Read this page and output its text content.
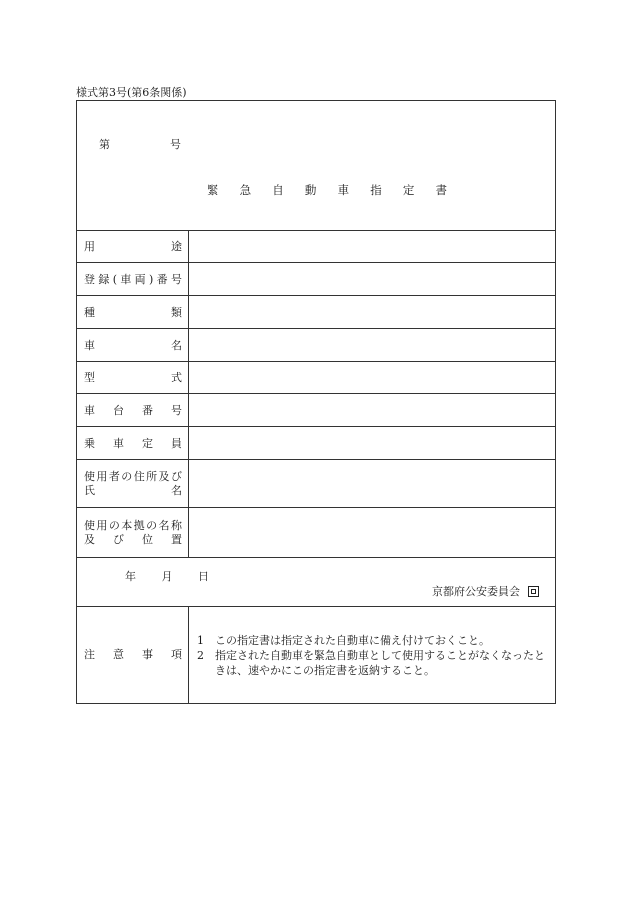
様式第3号(第6条関係)
第	号
緊 急 自 動 車 指 定 書
用	途
登 録 ( 車 両 ) 番 号
種	類
車	名
型	式
車 台 番 号
乗 車 定 員
使 用 者 の 住 所 及 び
氏	名
使 用 の 本 拠 の 名 称
及 び 位 置
年 月 日
京都府公安委員会
注 意 事 項
1	この指定書は指定された自動車に備え付けておくこと。
2	指定された自動車を緊急自動車として使用することがなくなったときは、速やかにこの指定書を返納すること。
